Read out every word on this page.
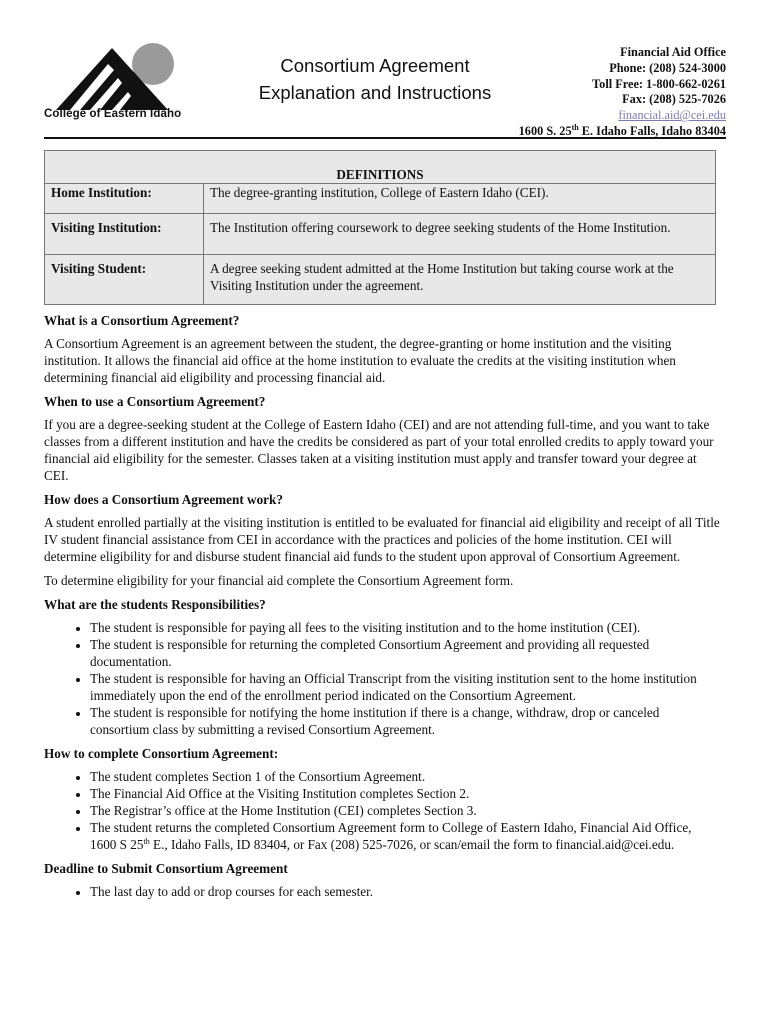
College of Eastern Idaho
Consortium Agreement
Explanation and Instructions
Financial Aid Office
Phone: (208) 524-3000
Toll Free: 1-800-662-0261
Fax: (208) 525-7026
financial.aid@cei.edu
1600 S. 25th E. Idaho Falls, Idaho 83404
DEFINITIONS	
Home Institution:	The degree-granting institution, College of Eastern Idaho (CEI).
Visiting Institution:	The Institution offering coursework to degree seeking students of the Home Institution.
Visiting Student:	A degree seeking student admitted at the Home Institution but taking course work at the Visiting Institution under the agreement.
What is a Consortium Agreement?

A Consortium Agreement is an agreement between the student, the degree-granting or home institution and the visiting institution. It allows the financial aid office at the home institution to evaluate the credits at the visiting institution when determining financial aid eligibility and processing financial aid.

When to use a Consortium Agreement?

If you are a degree-seeking student at the College of Eastern Idaho (CEI) and are not attending full-time, and you want to take classes from a different institution and have the credits be considered as part of your total enrolled credits to apply toward your financial aid eligibility for the semester. Classes taken at a visiting institution must apply and transfer toward your degree at CEI.

How does a Consortium Agreement work?

A student enrolled partially at the visiting institution is entitled to be evaluated for financial aid eligibility and receipt of all Title IV student financial assistance from CEI in accordance with the practices and policies of the home institution. CEI will determine eligibility for and disburse student financial aid funds to the student upon approval of Consortium Agreement.

To determine eligibility for your financial aid complete the Consortium Agreement form.

What are the students Responsibilities?
• The student is responsible for paying all fees to the visiting institution and to the home institution (CEI).
• The student is responsible for returning the completed Consortium Agreement and providing all requested documentation.
• The student is responsible for having an Official Transcript from the visiting institution sent to the home institution immediately upon the end of the enrollment period indicated on the Consortium Agreement.
• The student is responsible for notifying the home institution if there is a change, withdraw, drop or canceled consortium class by submitting a revised Consortium Agreement.
How to complete Consortium Agreement:
• The student completes Section 1 of the Consortium Agreement.
• The Financial Aid Office at the Visiting Institution completes Section 2.
• The Registrar’s office at the Home Institution (CEI) completes Section 3.
• The student returns the completed Consortium Agreement form to College of Eastern Idaho, Financial Aid Office, 1600 S 25th E., Idaho Falls, ID 83404, or Fax (208) 525-7026, or scan/email the form to financial.aid@cei.edu.
Deadline to Submit Consortium Agreement
• The last day to add or drop courses for each semester.
